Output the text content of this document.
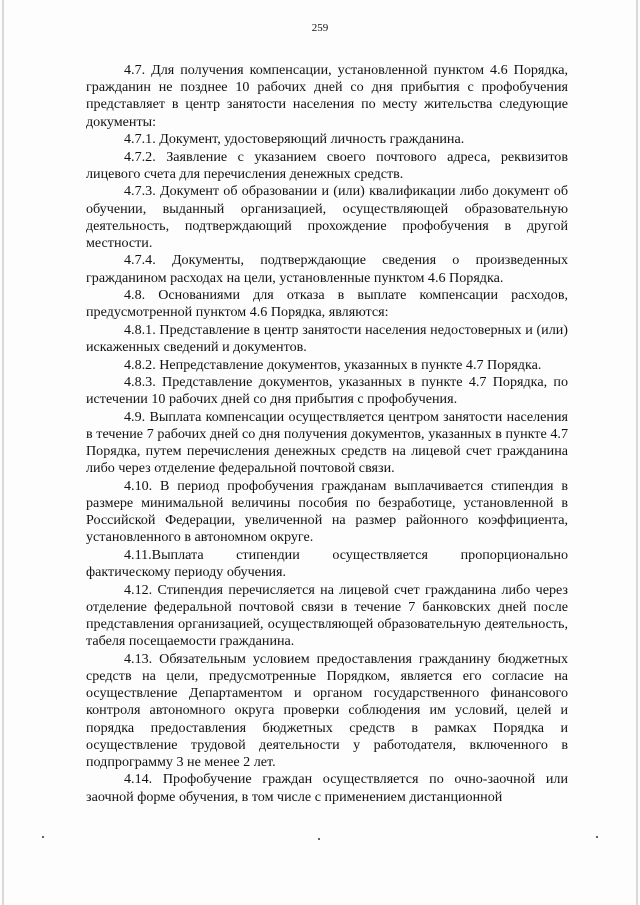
259

4.7. Для получения компенсации, установленной пунктом 4.6 Порядка, гражданин не позднее 10 рабочих дней со дня прибытия с профобучения представляет в центр занятости населения по месту жительства следующие документы:

4.7.1. Документ, удостоверяющий личность гражданина.

4.7.2. Заявление с указанием своего почтового адреса, реквизитов лицевого счета для перечисления денежных средств.

4.7.3. Документ об образовании и (или) квалификации либо документ об обучении, выданный организацией, осуществляющей образовательную деятельность, подтверждающий прохождение профобучения в другой местности.

4.7.4. Документы, подтверждающие сведения о произведенных гражданином расходах на цели, установленные пунктом 4.6 Порядка.

4.8. Основаниями для отказа в выплате компенсации расходов, предусмотренной пунктом 4.6 Порядка, являются:

4.8.1. Представление в центр занятости населения недостоверных и (или) искаженных сведений и документов.

4.8.2. Непредставление документов, указанных в пункте 4.7 Порядка.

4.8.3. Представление документов, указанных в пункте 4.7 Порядка, по истечении 10 рабочих дней со дня прибытия с профобучения.

4.9. Выплата компенсации осуществляется центром занятости населения в течение 7 рабочих дней со дня получения документов, указанных в пункте 4.7 Порядка, путем перечисления денежных средств на лицевой счет гражданина либо через отделение федеральной почтовой связи.

4.10. В период профобучения гражданам выплачивается стипендия в размере минимальной величины пособия по безработице, установленной в Российской Федерации, увеличенной на размер районного коэффициента, установленного в автономном округе.

4.11.Выплата стипендии осуществляется пропорционально фактическому периоду обучения.

4.12. Стипендия перечисляется на лицевой счет гражданина либо через отделение федеральной почтовой связи в течение 7 банковских дней после представления организацией, осуществляющей образовательную деятельность, табеля посещаемости гражданина.

4.13. Обязательным условием предоставления гражданину бюджетных средств на цели, предусмотренные Порядком, является его согласие на осуществление Департаментом и органом государственного финансового контроля автономного округа проверки соблюдения им условий, целей и порядка предоставления бюджетных средств в рамках Порядка и осуществление трудовой деятельности у работодателя, включенного в подпрограмму 3 не менее 2 лет.

4.14. Профобучение граждан осуществляется по очно-заочной или заочной форме обучения, в том числе с применением дистанционной
